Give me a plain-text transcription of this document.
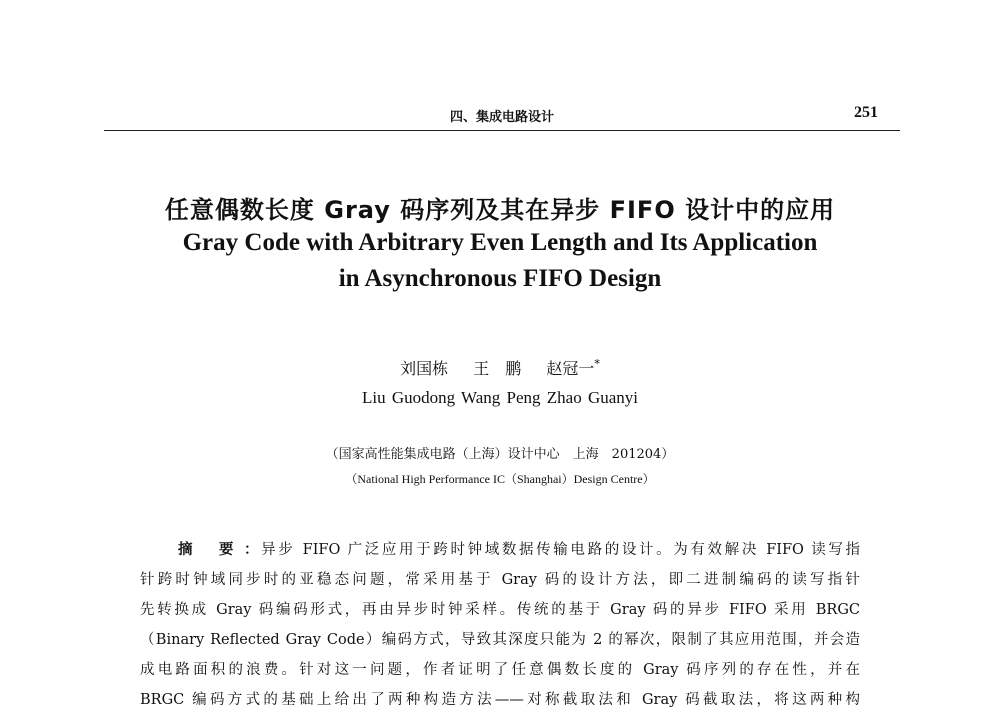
四、集成电路设计	251
任意偶数长度 Gray 码序列及其在异步 FIFO 设计中的应用
Gray Code with Arbitrary Even Length and Its Application
in Asynchronous FIFO Design
刘国栋 王　鹏 赵冠一*
Liu Guodong Wang Peng Zhao Guanyi
（国家高性能集成电路（上海）设计中心　上海　201204）
（National High Performance IC（Shanghai）Design Centre）
摘 要：异步 FIFO 广泛应用于跨时钟域数据传输电路的设计。为有效解决 FIFO 读写指
针跨时钟域同步时的亚稳态问题，常采用基于 Gray 码的设计方法，即二进制编码的读写指针
先转换成 Gray 码编码形式，再由异步时钟采样。传统的基于 Gray 码的异步 FIFO 采用 BRGC
（Binary Reflected Gray Code）编码方式，导致其深度只能为 2 的幂次，限制了其应用范围，并会造
成电路面积的浪费。针对这一问题，作者证明了任意偶数长度的 Gray 码序列的存在性，并在
BRGC 编码方式的基础上给出了两种构造方法——对称截取法和 Gray 码截取法，将这两种构
